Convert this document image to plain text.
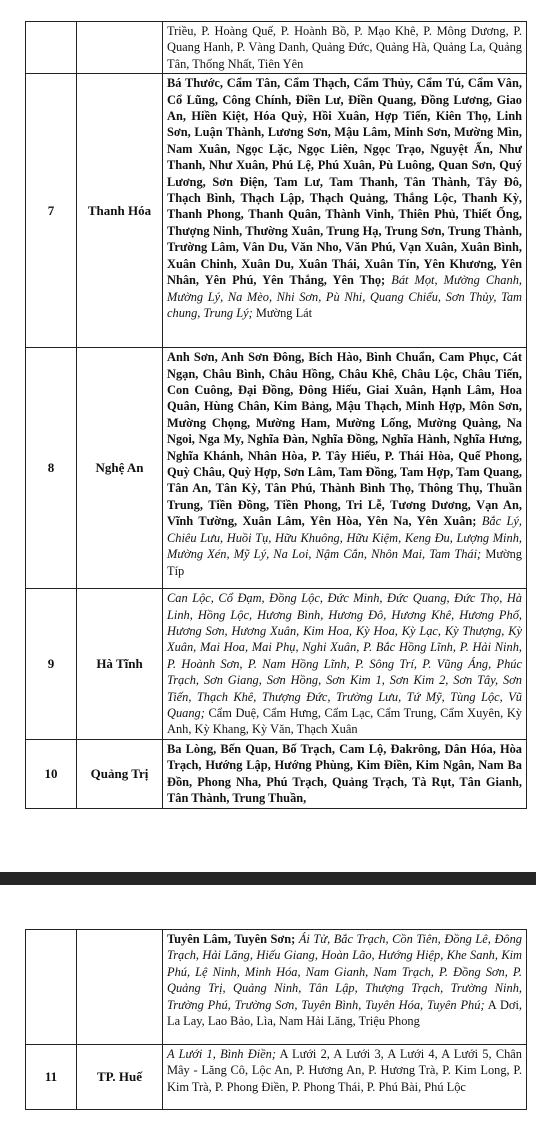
		Triều, P. Hoàng Quế, P. Hoành Bồ, P. Mạo Khê, P. Mông Dương, P. Quang Hanh, P. Vàng Danh, Quảng Đức, Quảng Hà, Quảng La, Quảng Tân, Thống Nhất, Tiên Yên
7	Thanh Hóa	Bá Thước, Cẩm Tân, Cẩm Thạch, Cẩm Thủy, Cẩm Tú, Cẩm Vân, Cổ Lũng, Công Chính, Điền Lư, Điền Quang, Đồng Lương, Giao An, Hiền Kiệt, Hóa Quỳ, Hồi Xuân, Hợp Tiến, Kiên Thọ, Linh Sơn, Luận Thành, Lương Sơn, Mậu Lâm, Minh Sơn, Mường Mìn, Nam Xuân, Ngọc Lặc, Ngọc Liên, Ngọc Trạo, Nguyệt Ấn, Như Thanh, Như Xuân, Phú Lệ, Phú Xuân, Pù Luông, Quan Sơn, Quý Lương, Sơn Điện, Tam Lư, Tam Thanh, Tân Thành, Tây Đô, Thạch Bình, Thạch Lập, Thạch Quảng, Thắng Lộc, Thanh Kỳ, Thanh Phong, Thanh Quân, Thành Vinh, Thiên Phủ, Thiết Ống, Thượng Ninh, Thường Xuân, Trung Hạ, Trung Sơn, Trung Thành, Trường Lâm, Vân Du, Văn Nho, Văn Phú, Vạn Xuân, Xuân Bình, Xuân Chinh, Xuân Du, Xuân Thái, Xuân Tín, Yên Khương, Yên Nhân, Yên Phú, Yên Thắng, Yên Thọ; Bát Mọt, Mường Chanh, Mường Lý, Na Mèo, Nhi Sơn, Pù Nhi, Quang Chiểu, Sơn Thủy, Tam chung, Trung Lý; Mường Lát
8	Nghệ An	Anh Sơn, Anh Sơn Đông, Bích Hào, Bình Chuẩn, Cam Phục, Cát Ngạn, Châu Bình, Châu Hồng, Châu Khê, Châu Lộc, Châu Tiến, Con Cuông, Đại Đồng, Đông Hiếu, Giai Xuân, Hạnh Lâm, Hoa Quân, Hùng Chân, Kim Bảng, Mậu Thạch, Minh Hợp, Môn Sơn, Mường Chọng, Mường Ham, Mường Lống, Mường Quàng, Na Ngoi, Nga My, Nghĩa Đàn, Nghĩa Đồng, Nghĩa Hành, Nghĩa Hưng, Nghĩa Khánh, Nhân Hòa, P. Tây Hiếu, P. Thái Hòa, Quế Phong, Quỳ Châu, Quỳ Hợp, Sơn Lâm, Tam Đồng, Tam Hợp, Tam Quang, Tân An, Tân Kỳ, Tân Phú, Thành Bình Thọ, Thông Thụ, Thuần Trung, Tiền Đồng, Tiền Phong, Tri Lễ, Tương Dương, Vạn An, Vĩnh Tường, Xuân Lâm, Yên Hòa, Yên Na, Yên Xuân; Bắc Lý, Chiêu Lưu, Huồi Tụ, Hữu Khuông, Hữu Kiệm, Keng Đu, Lượng Minh, Mường Xén, Mỹ Lý, Na Loi, Nậm Cắn, Nhôn Mai, Tam Thái; Mường Típ
9	Hà Tĩnh	Can Lộc, Cổ Đạm, Đồng Lộc, Đức Minh, Đức Quang, Đức Thọ, Hà Linh, Hồng Lộc, Hương Bình, Hương Đô, Hương Khê, Hương Phố, Hương Sơn, Hương Xuân, Kim Hoa, Kỳ Hoa, Kỳ Lạc, Kỳ Thượng, Kỳ Xuân, Mai Hoa, Mai Phụ, Nghi Xuân, P. Bắc Hồng Lĩnh, P. Hải Ninh, P. Hoành Sơn, P. Nam Hồng Lĩnh, P. Sông Trí, P. Vũng Áng, Phúc Trạch, Sơn Giang, Sơn Hồng, Sơn Kim 1, Sơn Kim 2, Sơn Tây, Sơn Tiến, Thạch Khê, Thượng Đức, Trường Lưu, Tứ Mỹ, Tùng Lộc, Vũ Quang; Cẩm Duệ, Cẩm Hưng, Cẩm Lạc, Cẩm Trung, Cẩm Xuyên, Kỳ Anh, Kỳ Khang, Kỳ Văn, Thạch Xuân
10	Quảng Trị	Ba Lòng, Bến Quan, Bố Trạch, Cam Lộ, Đakrông, Dân Hóa, Hòa Trạch, Hướng Lập, Hướng Phùng, Kim Điền, Kim Ngân, Nam Ba Đồn, Phong Nha, Phú Trạch, Quảng Trạch, Tà Rụt, Tân Gianh, Tân Thành, Trung Thuần,
		Tuyên Lâm, Tuyên Sơn; Ái Tử, Bắc Trạch, Cồn Tiên, Đồng Lê, Đông Trạch, Hải Lăng, Hiếu Giang, Hoàn Lão, Hướng Hiệp, Khe Sanh, Kim Phú, Lệ Ninh, Minh Hóa, Nam Gianh, Nam Trạch, P. Đồng Sơn, P. Quảng Trị, Quảng Ninh, Tân Lập, Thượng Trạch, Trường Ninh, Trường Phú, Trường Sơn, Tuyên Bình, Tuyên Hóa, Tuyên Phú; A Dơi, La Lay, Lao Bảo, Lìa, Nam Hải Lăng, Triệu Phong
11	TP. Huế	A Lưới 1, Bình Điền; A Lưới 2, A Lưới 3, A Lưới 4, A Lưới 5, Chân Mây - Lăng Cô, Lộc An, P. Hương An, P. Hương Trà, P. Kim Long, P. Kim Trà, P. Phong Điền, P. Phong Thái, P. Phú Bài, Phú Lộc
